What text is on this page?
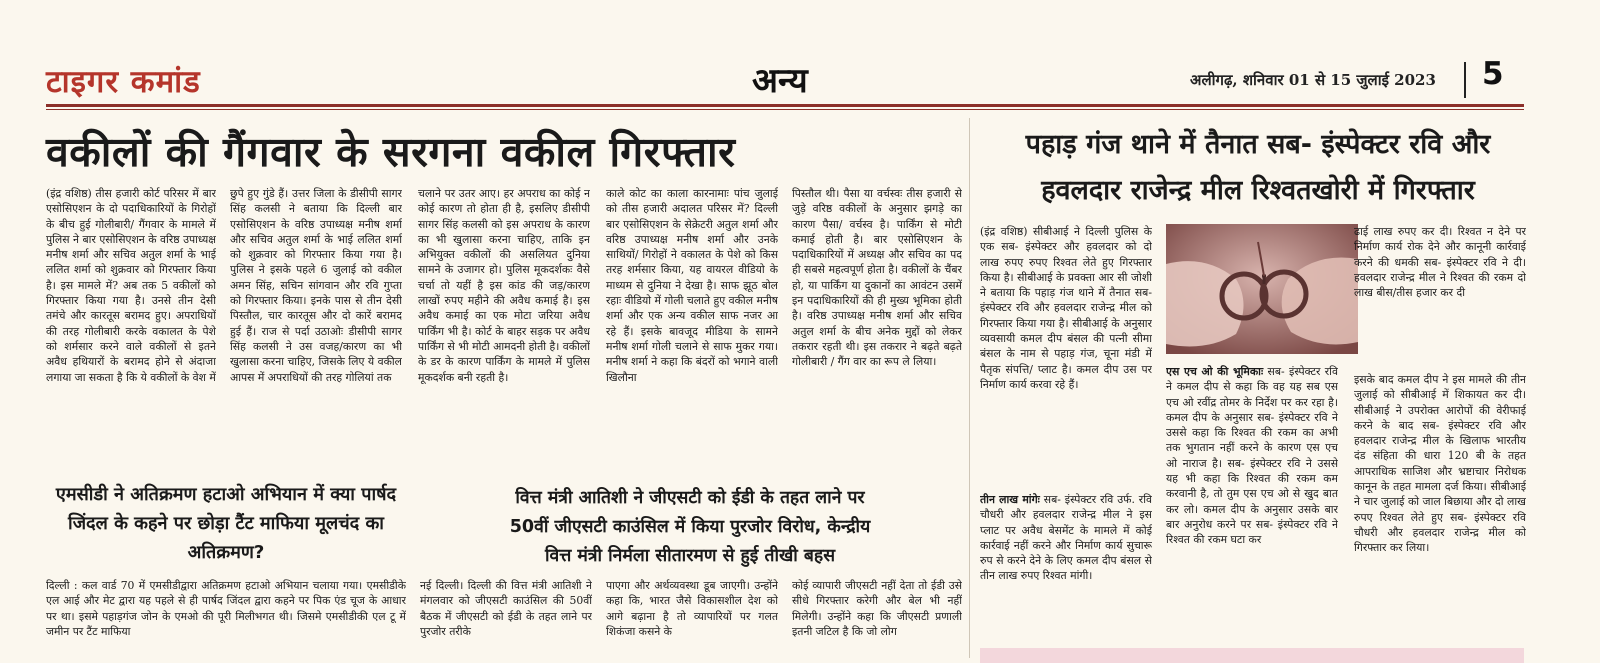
टाइगर कमांड	अन्य	अलीगढ़, शनिवार 01 से 15 जुलाई 2023 5
वकीलों की गैंगवार के सरगना वकील गिरफ्तार
(इंद्र वशिष्ठ) तीस हजारी कोर्ट परिसर में बार एसोसिएशन के दो पदाधिकारियों के गिरोहों के बीच हुई गोलीबारी/ गैंगवार के मामले में पुलिस ने बार एसोसिएशन के वरिष्ठ उपाध्यक्ष मनीष शर्मा और सचिव अतुल शर्मा के भाई ललित शर्मा को शुक्रवार को गिरफ्तार किया है। इस मामले में? अब तक 5 वकीलों को गिरफ्तार किया गया है। उनसे तीन देसी तमंचे और कारतूस बरामद हुए। अपराधियों की तरह गोलीबारी करके वकालत के पेशे को शर्मसार करने वाले वकीलों से इतने अवैध हथियारों के बरामद होने से अंदाजा लगाया जा सकता है कि ये वकीलों के वेश में
छुपे हुए गुंडे हैं। उत्तर जिला के डीसीपी सागर सिंह कलसी ने बताया कि दिल्ली बार एसोसिएशन के वरिष्ठ उपाध्यक्ष मनीष शर्मा और सचिव अतुल शर्मा के भाई ललित शर्मा को शुक्रवार को गिरफ्तार किया गया है। पुलिस ने इसके पहले 6 जुलाई को वकील अमन सिंह, सचिन सांगवान और रवि गुप्ता को गिरफ्तार किया। इनके पास से तीन देसी पिस्तौल, चार कारतूस और दो कारें बरामद हुई हैं। राज से पर्दा उठाओः डीसीपी सागर सिंह कलसी ने उस वजह/कारण का भी खुलासा करना चाहिए, जिसके लिए ये वकील आपस में अपराधियों की तरह गोलियां तक
चलाने पर उतर आए। हर अपराध का कोई न कोई कारण तो होता ही है, इसलिए डीसीपी सागर सिंह कलसी को इस अपराध के कारण का भी खुलासा करना चाहिए, ताकि इन अभियुक्त वकीलों की असलियत दुनिया सामने के उजागर हो। पुलिस मूकदर्शकः वैसे चर्चा तो यहीं है इस कांड की जड़/कारण लाखों रुपए महीने की अवैध कमाई है। इस अवैध कमाई का एक मोटा जरिया अवैध पार्किंग भी है। कोर्ट के बाहर सड़क पर अवैध पार्किंग से भी मोटी आमदनी होती है। वकीलों के डर के कारण पार्किंग के मामले में पुलिस मूकदर्शक बनी रहती है।
काले कोट का काला कारनामाः पांच जुलाई को तीस हजारी अदालत परिसर में? दिल्ली बार एसोसिएशन के सेक्रेटरी अतुल शर्मा और वरिष्ठ उपाध्यक्ष मनीष शर्मा और उनके साथियों/ गिरोहों ने वकालत के पेशे को किस तरह शर्मसार किया, यह वायरल वीडियो के माध्यम से दुनिया ने देखा है। साफ झूठ बोल रहाः वीडियो में गोली चलाते हुए वकील मनीष शर्मा और एक अन्य वकील साफ नजर आ रहे हैं। इसके बावजूद मीडिया के सामने मनीष शर्मा गोली चलाने से साफ मुकर गया। मनीष शर्मा ने कहा कि बंदरों को भगाने वाली खिलौना
पिस्तौल थी। पैसा या वर्चस्वः तीस हजारी से जुड़े वरिष्ठ वकीलों के अनुसार झगड़े का कारण पैसा/ वर्चस्व है। पार्किंग से मोटी कमाई होती है। बार एसोसिएशन के पदाधिकारियों में अध्यक्ष और सचिव का पद ही सबसे महत्वपूर्ण होता है। वकीलों के चैंबर हो, या पार्किंग या दुकानों का आवंटन उसमें इन पदाधिकारियों की ही मुख्य भूमिका होती है। वरिष्ठ उपाध्यक्ष मनीष शर्मा और सचिव अतुल शर्मा के बीच अनेक मुद्दों को लेकर तकरार रहती थी। इस तकरार ने बढ़ते बढ़ते गोलीबारी / गैंग वार का रूप ले लिया।
एमसीडी ने अतिक्रमण हटाओ अभियान में क्या पार्षद जिंदल के कहने पर छोड़ा टैंट माफिया मूलचंद का अतिक्रमण?
दिल्ली : कल वार्ड 70 में एमसीडीद्वारा अतिक्रमण हटाओ अभियान चलाया गया। एमसीडीके एल आई और मेट द्वारा यह पहले से ही पार्षद जिंदल द्वारा कहने पर पिक एंड चूज के आधार पर था। इसमे पहाड़गंज जोन के एमओ की पूरी मिलीभगत थी। जिसमे एमसीडीकी एल टू में जमीन पर टैंट माफिया
वित्त मंत्री आतिशी ने जीएसटी को ईडी के तहत लाने पर
50वीं जीएसटी काउंसिल में किया पुरजोर विरोध, केन्द्रीय
वित्त मंत्री निर्मला सीतारमण से हुई तीखी बहस
नई दिल्ली। दिल्ली की वित्त मंत्री आतिशी ने मंगलवार को जीएसटी काउंसिल की 50वीं बैठक में जीएसटी को ईडी के तहत लाने पर पुरजोर तरीके
पाएगा और अर्थव्यवस्था डूब जाएगी। उन्होंने कहा कि, भारत जैसे विकासशील देश को आगे बढ़ाना है तो व्यापारियों पर गलत शिकंजा कसने के
कोई व्यापारी जीएसटी नहीं देता तो ईडी उसे सीधे गिरफ्तार करेगी और बेल भी नहीं मिलेगी। उन्होंने कहा कि जीएसटी प्रणाली इतनी जटिल है कि जो लोग
पहाड़ गंज थाने में तैनात सब- इंस्पेक्टर रवि और
हवलदार राजेन्द्र मील रिश्वतखोरी में गिरफ्तार
(इंद्र वशिष्ठ) सीबीआई ने दिल्ली पुलिस के एक सब- इंस्पेक्टर और हवलदार को दो लाख रुपए रुपए रिश्वत लेते हुए गिरफ्तार किया है। सीबीआई के प्रवक्ता आर सी जोशी ने बताया कि पहाड़ गंज थाने में तैनात सब- इंस्पेक्टर रवि और हवलदार राजेन्द्र मील को गिरफ्तार किया गया है। सीबीआई के अनुसार व्यवसायी कमल दीप बंसल की पत्नी सीमा बंसल के नाम से पहाड़ गंज, चूना मंडी में पैतृक संपत्ति/ प्लाट है। कमल दीप उस पर निर्माण कार्य करवा रहे हैं।
तीन लाख मांगेः सब- इंस्पेक्टर रवि उर्फ. रवि चौधरी और हवलदार राजेन्द्र मील ने इस प्लाट पर अवैध बेसमेंट के मामले में कोई कार्रवाई नहीं करने और निर्माण कार्य सुचारू रुप से करने देने के लिए कमल दीप बंसल से तीन लाख रुपए रिश्वत मांगी।
एस एच ओ की भूमिकाः सब- इंस्पेक्टर रवि ने कमल दीप से कहा कि वह यह सब एस एच ओ रवींद्र तोमर के निर्देश पर कर रहा है। कमल दीप के अनुसार सब- इंस्पेक्टर रवि ने उससे कहा कि रिश्वत की रकम का अभी तक भुगतान नहीं करने के कारण एस एच ओ नाराज है। सब- इंस्पेक्टर रवि ने उससे यह भी कहा कि रिश्वत की रकम कम करवानी है, तो तुम एस एच ओ से खुद बात कर लो। कमल दीप के अनुसार उसके बार बार अनुरोध करने पर सब- इंस्पेक्टर रवि ने रिश्वत की रकम घटा कर
ढाई लाख रुपए कर दी। रिश्वत न देने पर निर्माण कार्य रोक देने और कानूनी कार्रवाई करने की धमकी सब- इंस्पेक्टर रवि ने दी। हवलदार राजेन्द्र मील ने रिश्वत की रकम दो लाख बीस/तीस हजार कर दी
इसके बाद कमल दीप ने इस मामले की तीन जुलाई को सीबीआई में शिकायत कर दी। सीबीआई ने उपरोक्त आरोपों की वेरीफाई करने के बाद सब- इंस्पेक्टर रवि और हवलदार राजेन्द्र मील के खिलाफ भारतीय दंड संहिता की धारा 120 बी के तहत आपराधिक साजिश और भ्रष्टाचार निरोधक कानून के तहत मामला दर्ज किया। सीबीआई ने चार जुलाई को जाल बिछाया और दो लाख रुपए रिश्वत लेते हुए सब- इंस्पेक्टर रवि चौधरी और हवलदार राजेन्द्र मील को गिरफ्तार कर लिया।
